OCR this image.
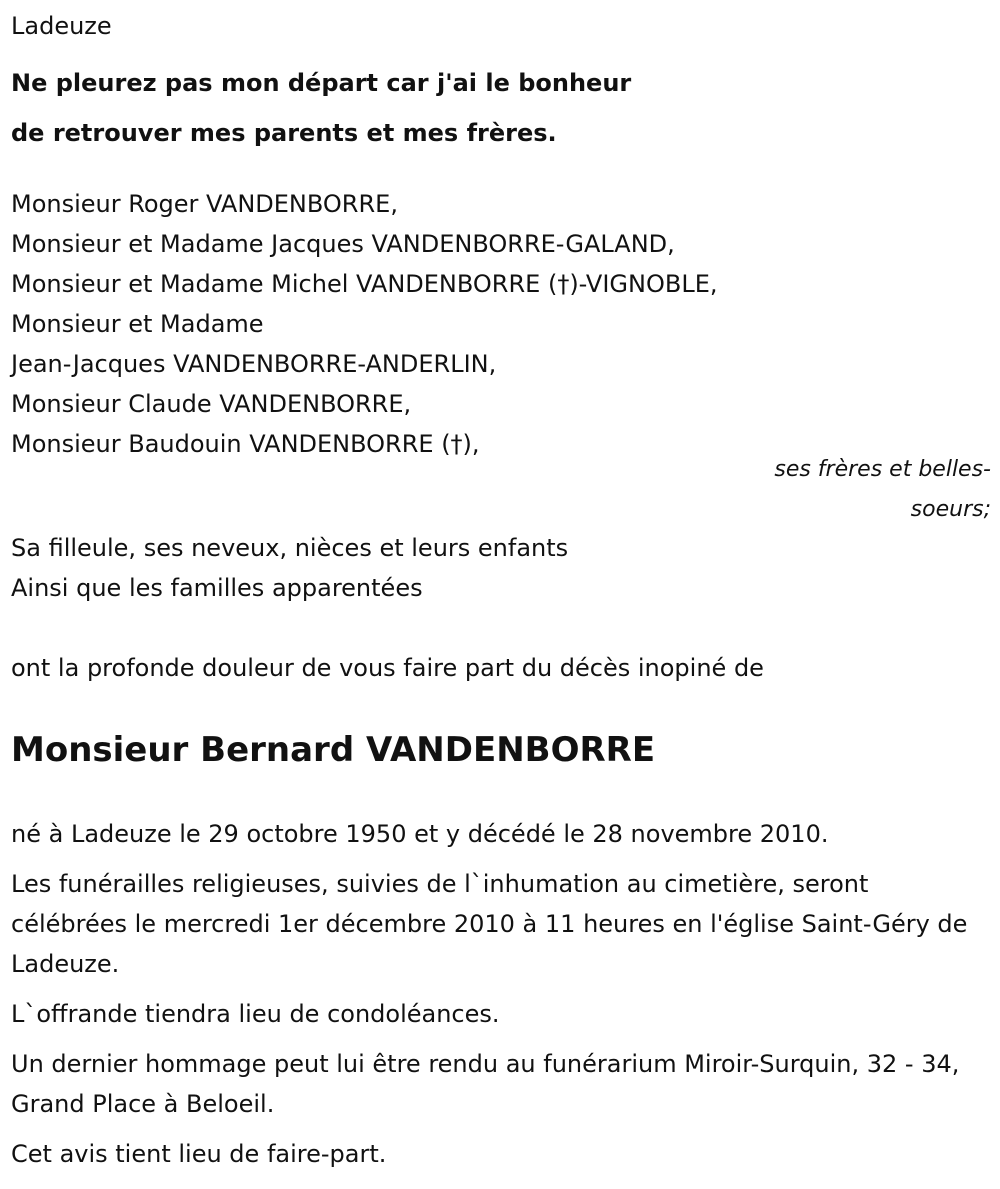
Ladeuze
Ne pleurez pas mon départ car j'ai le bonheur
de retrouver mes parents et mes frères.
Monsieur Roger VANDENBORRE,
Monsieur et Madame Jacques VANDENBORRE-GALAND,
Monsieur et Madame Michel VANDENBORRE (†)-VIGNOBLE,
Monsieur et Madame
Jean-Jacques VANDENBORRE-ANDERLIN,
Monsieur Claude VANDENBORRE,
Monsieur Baudouin VANDENBORRE (†),
ses frères et belles-soeurs;
Sa filleule, ses neveux, nièces et leurs enfants
Ainsi que les familles apparentées
ont la profonde douleur de vous faire part du décès inopiné de
Monsieur Bernard VANDENBORRE

né à Ladeuze le 29 octobre 1950 et y décédé le 28 novembre 2010.

Les funérailles religieuses, suivies de l`inhumation au cimetière, seront célébrées le mercredi 1er décembre 2010 à 11 heures en l'église Saint-Géry de Ladeuze.

L`offrande tiendra lieu de condoléances.

Un dernier hommage peut lui être rendu au funérarium Miroir-Surquin, 32 - 34, Grand Place à Beloeil.

Cet avis tient lieu de faire-part.
